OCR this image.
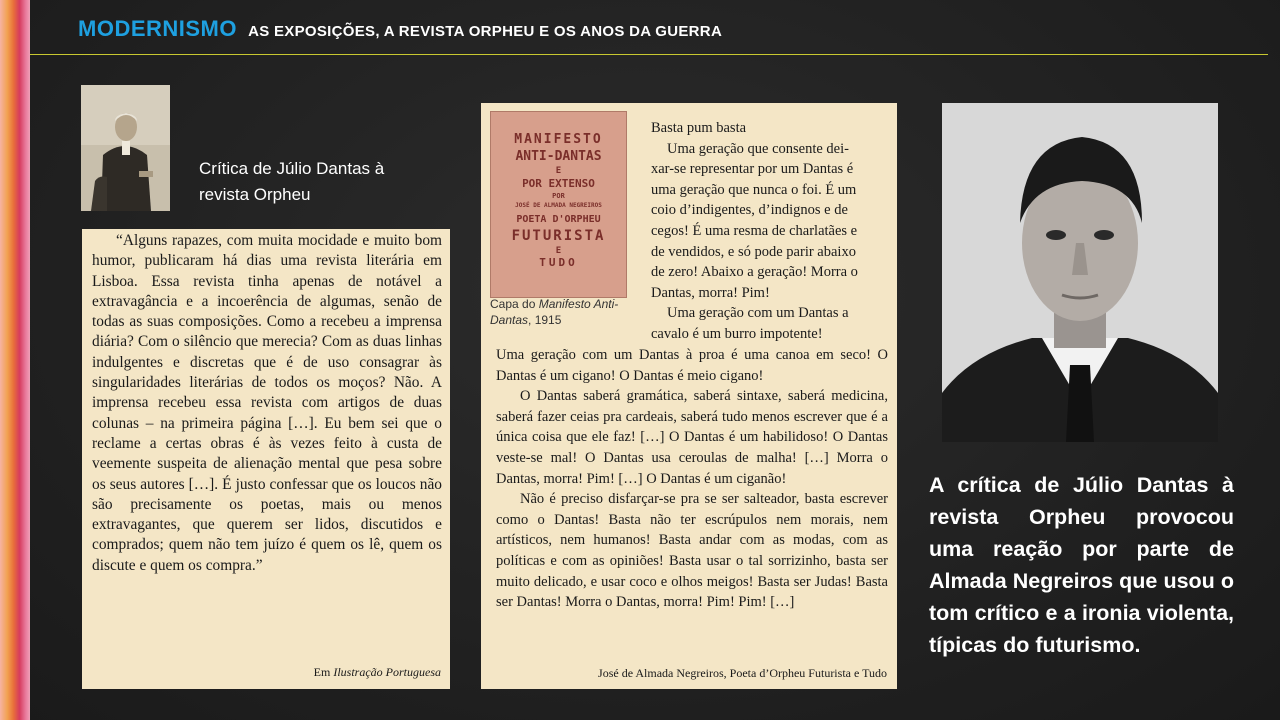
MODERNISMO AS EXPOSIÇÕES, A REVISTA ORPHEU E OS ANOS DA GUERRA
Crítica de Júlio Dantas à
revista Orpheu
“Alguns rapazes, com muita mocidade e muito bom humor, publicaram há dias uma revista literária em Lisboa. Essa revista tinha apenas de notável a extravagância e a incoerência de algumas, senão de todas as suas composições. Como a recebeu a imprensa diária? Com o silêncio que merecia? Com as duas linhas indulgentes e discretas que é de uso consagrar às singularidades literárias de todos os moços? Não. A imprensa recebeu essa revista com artigos de duas colunas – na primeira página […]. Eu bem sei que o reclame a certas obras é às vezes feito à custa de veemente suspeita de alienação mental que pesa sobre os seus autores […]. É justo confessar que os loucos não são precisamente os poetas, mais ou menos extravagantes, que querem ser lidos, discutidos e comprados; quem não tem juízo é quem os lê, quem os discute e quem os compra.”
Em Ilustração Portuguesa
MANIFESTO
ANTI-DANTAS
E
POR EXTENSO
POR
JOSÉ DE ALMADA NEGREIROS
POETA D'ORPHEU
FUTURISTA
E
TUDO
Capa do Manifesto Anti-Dantas, 1915
Basta pum basta
Uma geração que consente dei-
xar-se representar por um Dantas é
uma geração que nunca o foi. É um
coio d’indigentes, d’indignos e de
cegos! É uma resma de charlatães e
de vendidos, e só pode parir abaixo
de zero! Abaixo a geração! Morra o
Dantas, morra! Pim!
Uma geração com um Dantas a
cavalo é um burro impotente!
Uma geração com um Dantas à proa é uma canoa em seco! O Dantas é um cigano! O Dantas é meio cigano!
O Dantas saberá gramática, saberá sintaxe, saberá medicina, saberá fazer ceias pra cardeais, saberá tudo menos escrever que é a única coisa que ele faz! […] O Dantas é um habilidoso! O Dantas veste-se mal! O Dantas usa ceroulas de malha! […] Morra o Dantas, morra! Pim! […] O Dantas é um ciganão!
Não é preciso disfarçar-se pra se ser salteador, basta escrever como o Dantas! Basta não ter escrúpulos nem morais, nem artísticos, nem humanos! Basta andar com as modas, com as políticas e com as opiniões! Basta usar o tal sorrizinho, basta ser muito delicado, e usar coco e olhos meigos! Basta ser Judas! Basta ser Dantas! Morra o Dantas, morra! Pim! Pim! […]
José de Almada Negreiros, Poeta d’Orpheu Futurista e Tudo
A crítica de Júlio Dantas à revista Orpheu provocou uma reação por parte de Almada Negreiros que usou o tom crítico e a ironia violenta, típicas do futurismo.
